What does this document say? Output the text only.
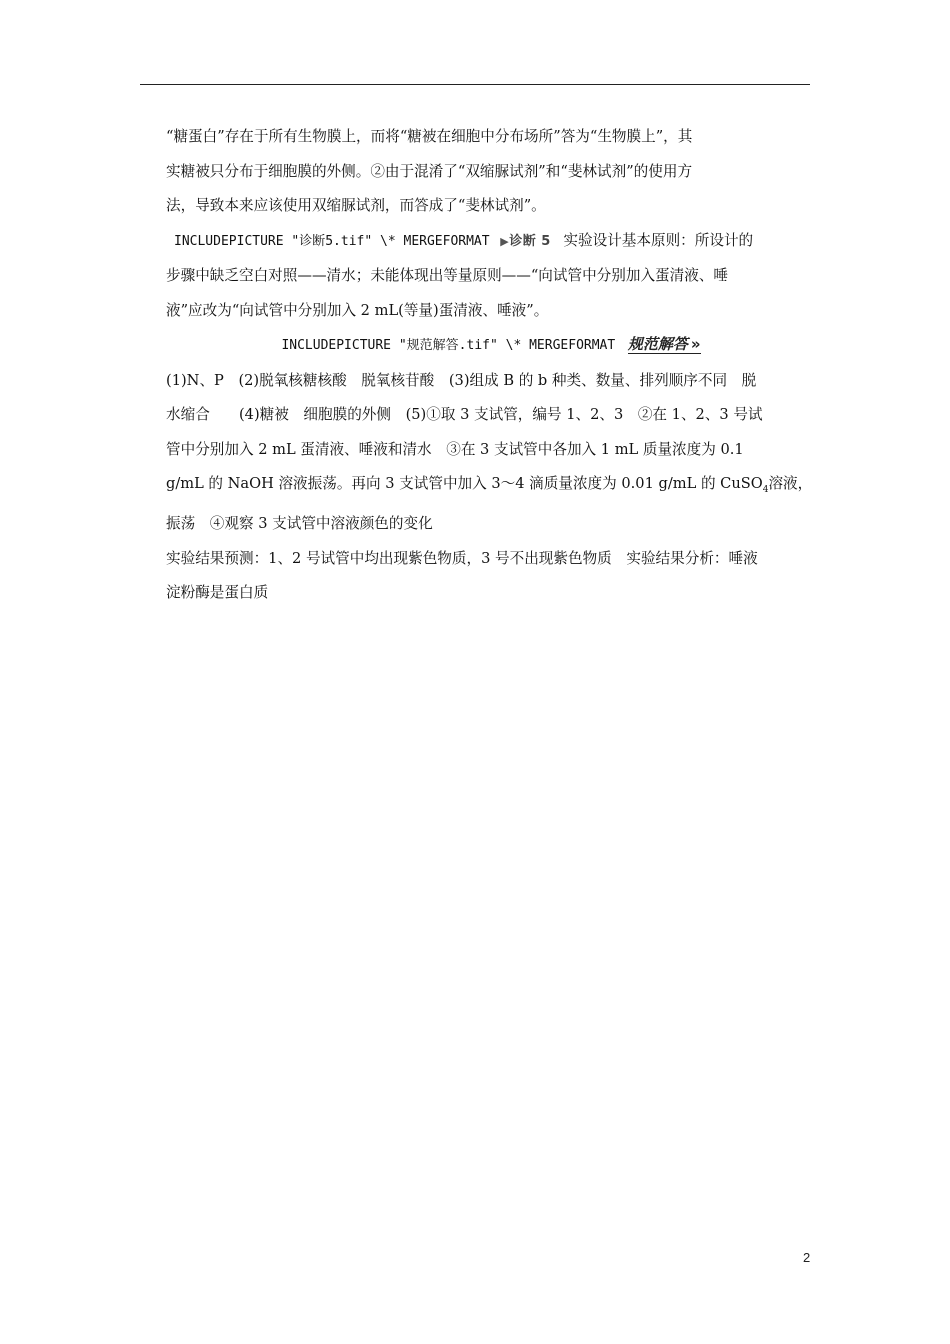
“糖蛋白”存在于所有生物膜上，而将“糖被在细胞中分布场所”答为“生物膜上”，其
实糖被只分布于细胞膜的外侧。②由于混淆了“双缩脲试剂”和“斐林试剂”的使用方
法，导致本来应该使用双缩脲试剂，而答成了“斐林试剂”。
INCLUDEPICTURE "诊断5.tif" \* MERGEFORMAT ▶诊断 5 实验设计基本原则：所设计的
步骤中缺乏空白对照——清水；未能体现出等量原则——“向试管中分别加入蛋清液、唾
液”应改为“向试管中分别加入 2 mL(等量)蛋清液、唾液”。
INCLUDEPICTURE "规范解答.tif" \* MERGEFORMAT 规范解答 »
(1)N、P　(2)脱氧核糖核酸　脱氧核苷酸　(3)组成 B 的 b 种类、数量、排列顺序不同　脱
水缩合　　(4)糖被　细胞膜的外侧　(5)①取 3 支试管，编号 1、2、3　②在 1、2、3 号试
管中分别加入 2 mL 蛋清液、唾液和清水　③在 3 支试管中各加入 1 mL 质量浓度为 0.1
g/mL 的 NaOH 溶液振荡。再向 3 支试管中加入 3～4 滴质量浓度为 0.01 g/mL 的 CuSO$_4$溶液，
振荡　④观察 3 支试管中溶液颜色的变化
实验结果预测：1、2 号试管中均出现紫色物质，3 号不出现紫色物质　实验结果分析：唾液
淀粉酶是蛋白质
2
